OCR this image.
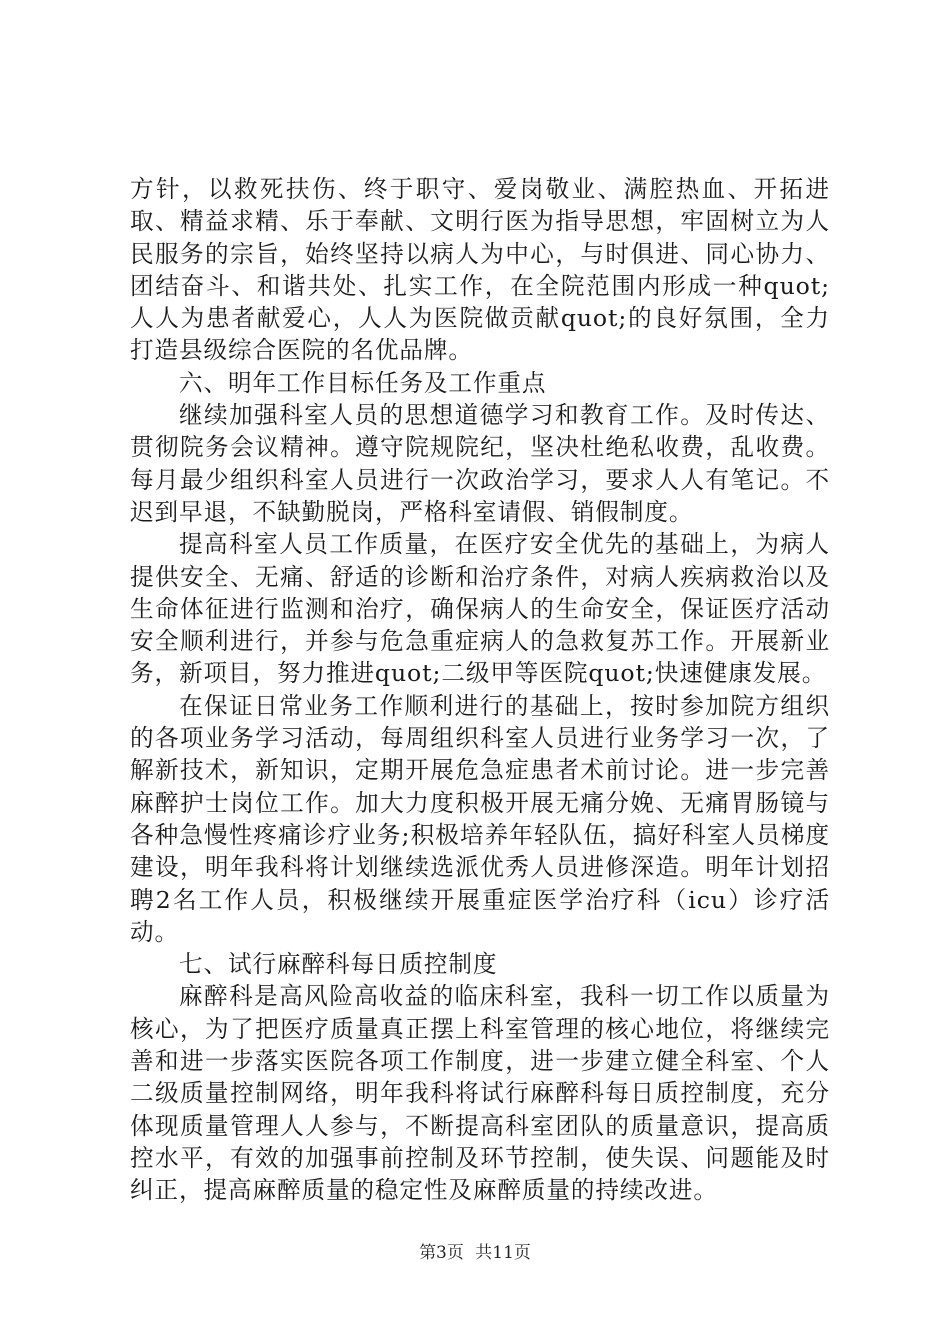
方针，以救死扶伤、终于职守、爱岗敬业、满腔热血、开拓进取、精益求精、乐于奉献、文明行医为指导思想，牢固树立为人民服务的宗旨，始终坚持以病人为中心，与时俱进、同心协力、团结奋斗、和谐共处、扎实工作，在全院范围内形成一种quot;人人为患者献爱心，人人为医院做贡献quot;的良好氛围，全力打造县级综合医院的名优品牌。

六、明年工作目标任务及工作重点

继续加强科室人员的思想道德学习和教育工作。及时传达、贯彻院务会议精神。遵守院规院纪，坚决杜绝私收费，乱收费。每月最少组织科室人员进行一次政治学习，要求人人有笔记。不迟到早退，不缺勤脱岗，严格科室请假、销假制度。

提高科室人员工作质量，在医疗安全优先的基础上，为病人提供安全、无痛、舒适的诊断和治疗条件，对病人疾病救治以及生命体征进行监测和治疗，确保病人的生命安全，保证医疗活动安全顺利进行，并参与危急重症病人的急救复苏工作。开展新业务，新项目，努力推进quot;二级甲等医院quot;快速健康发展。

在保证日常业务工作顺利进行的基础上，按时参加院方组织的各项业务学习活动，每周组织科室人员进行业务学习一次，了解新技术，新知识，定期开展危急症患者术前讨论。进一步完善麻醉护士岗位工作。加大力度积极开展无痛分娩、无痛胃肠镜与各种急慢性疼痛诊疗业务;积极培养年轻队伍，搞好科室人员梯度建设，明年我科将计划继续选派优秀人员进修深造。明年计划招聘2名工作人员，积极继续开展重症医学治疗科（icu）诊疗活动。

七、试行麻醉科每日质控制度

麻醉科是高风险高收益的临床科室，我科一切工作以质量为核心，为了把医疗质量真正摆上科室管理的核心地位，将继续完善和进一步落实医院各项工作制度，进一步建立健全科室、个人二级质量控制网络，明年我科将试行麻醉科每日质控制度，充分体现质量管理人人参与，不断提高科室团队的质量意识，提高质控水平，有效的加强事前控制及环节控制，使失误、问题能及时纠正，提高麻醉质量的稳定性及麻醉质量的持续改进。

第3页 共11页
